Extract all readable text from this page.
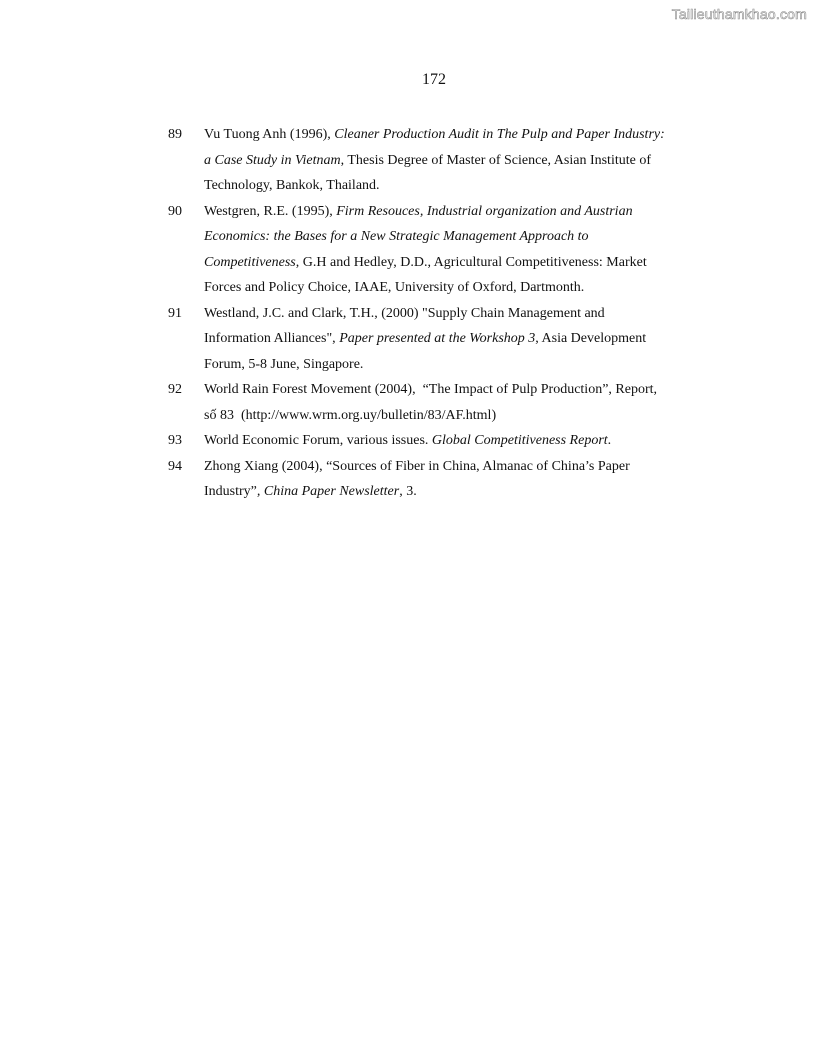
Tailieuthamkhao.com
172
89	Vu Tuong Anh (1996), Cleaner Production Audit in The Pulp and Paper Industry:
a Case Study in Vietnam, Thesis Degree of Master of Science, Asian Institute of
Technology, Bankok, Thailand.
90	Westgren, R.E. (1995), Firm Resouces, Industrial organization and Austrian
Economics: the Bases for a New Strategic Management Approach to
Competitiveness, G.H and Hedley, D.D., Agricultural Competitiveness: Market
Forces and Policy Choice, IAAE, University of Oxford, Dartmonth.
91	Westland, J.C. and Clark, T.H., (2000) "Supply Chain Management and
Information Alliances", Paper presented at the Workshop 3, Asia Development
Forum, 5-8 June, Singapore.
92	World Rain Forest Movement (2004),  “The Impact of Pulp Production”, Report,
số 83  (http://www.wrm.org.uy/bulletin/83/AF.html)
93	World Economic Forum, various issues. Global Competitiveness Report.
94	Zhong Xiang (2004), “Sources of Fiber in China, Almanac of China’s Paper
Industry”, China Paper Newsletter, 3.
